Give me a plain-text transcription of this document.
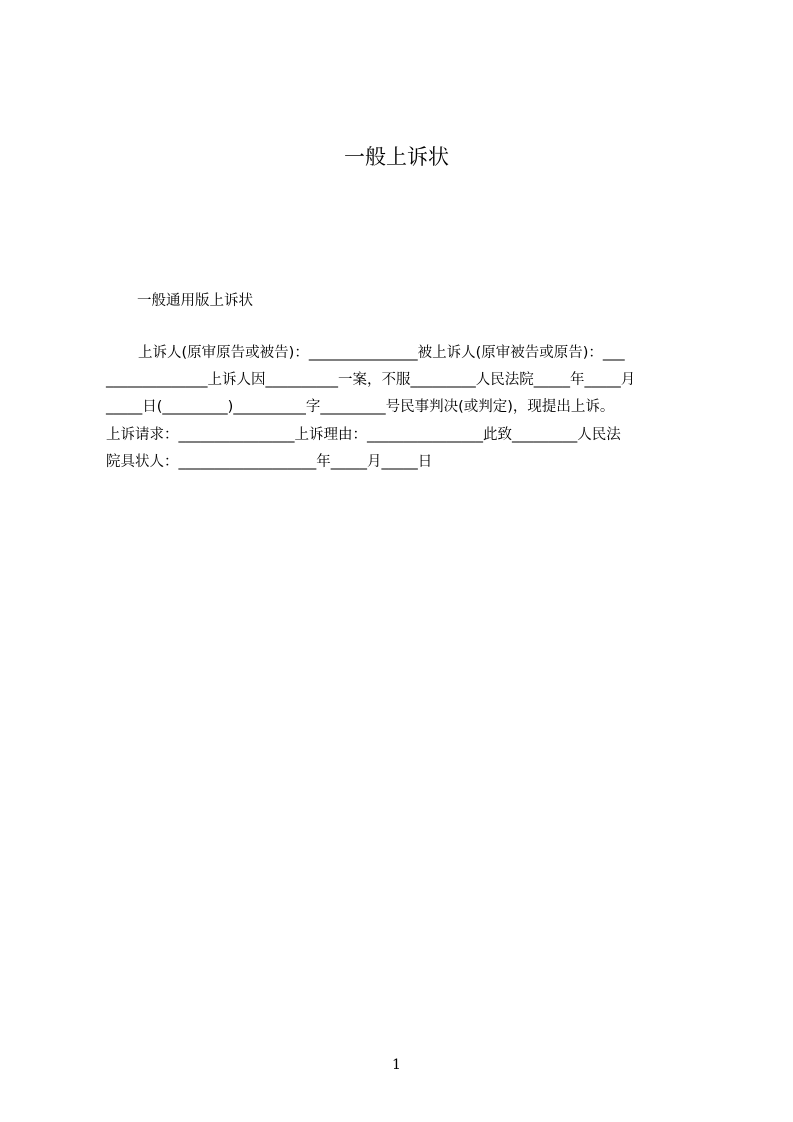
一般上诉状

一般通用版上诉状

上诉人(原审原告或被告)：_______________被上诉人(原审被告或原告)：___

______________上诉人因__________一案，不服_________人民法院_____年_____月

_____日(_________)__________字_________号民事判决(或判定)，现提出上诉。

上诉请求：________________上诉理由：________________此致_________人民法

院具状人：___________________年_____月_____日

1
